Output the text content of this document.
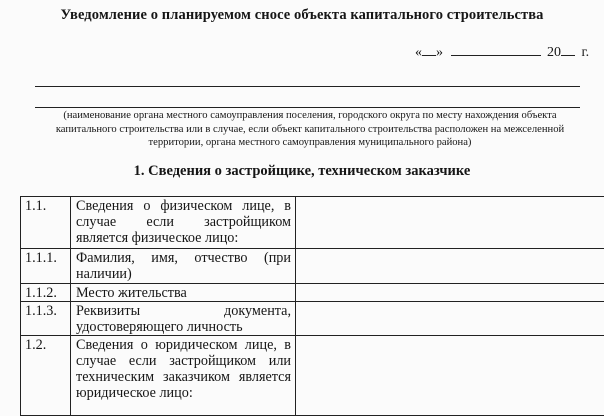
Уведомление о планируемом сносе объекта капитального строительства
« »	20 г.
(наименование органа местного самоуправления поселения, городского округа по месту нахождения объекта капитального строительства или в случае, если объект капитального строительства расположен на межселенной территории, органа местного самоуправления муниципального района)
1. Сведения о застройщике, техническом заказчике
1.1.	Сведения о физическом лице, в случае если застройщиком является физическое лицо:	
1.1.1.	Фамилия, имя, отчество (при наличии)	
1.1.2.	Место жительства	
1.1.3.	Реквизиты документа, удостоверяющего личность	
1.2.	Сведения о юридическом лице, в случае если застройщиком или техническим заказчиком является юридическое лицо:	
